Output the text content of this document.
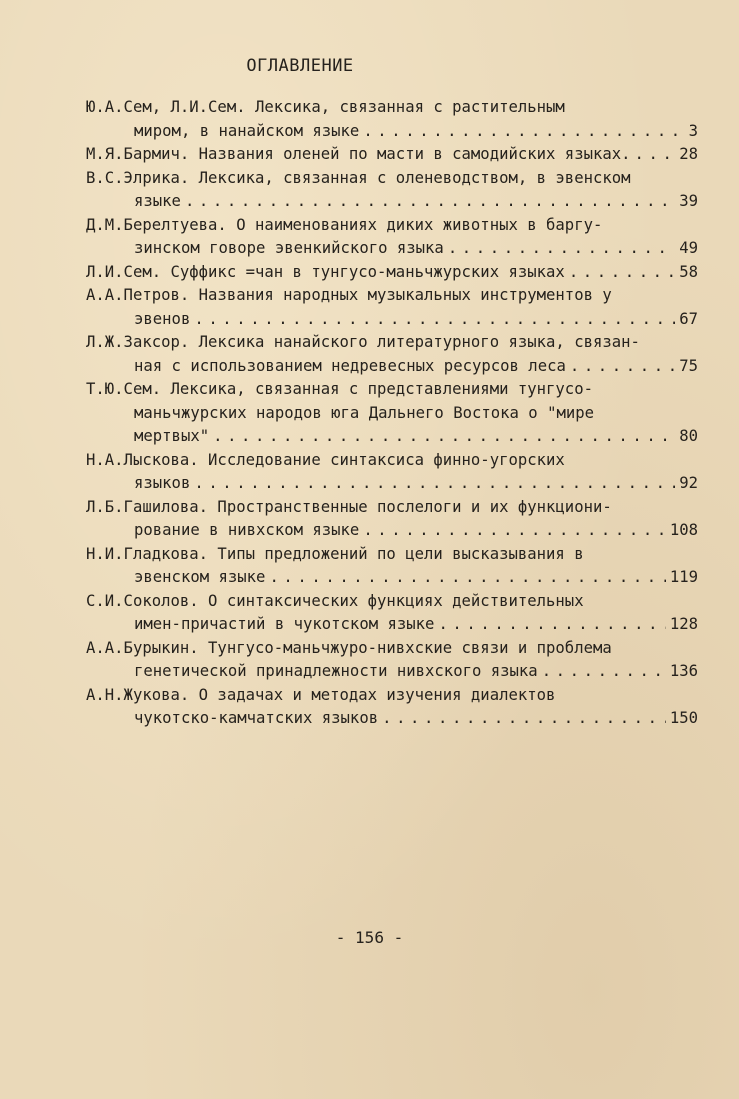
ОГЛАВЛЕНИЕ
Ю.А.Сем, Л.И.Сем. Лексика, связанная с растительным
миром, в нанайском языке . . .	3
М.Я.Бармич. Названия оленей по масти в самодийских языках. . . .	28
В.С.Элрика. Лексика, связанная с оленеводством, в эвенском
языке . . .	39
Д.М.Берелтуева. О наименованиях диких животных в баргу-
зинском говоре эвенкийского языка . . .	49
Л.И.Сем. Суффикс =чан в тунгусо-маньчжурских языках . . .	58
А.А.Петров. Названия народных музыкальных инструментов у
эвенов . . .	67
Л.Ж.Заксор. Лексика нанайского литературного языка, связан-
ная с использованием недревесных ресурсов леса . . .	75
Т.Ю.Сем. Лексика, связанная с представлениями тунгусо-
маньчжурских народов юга Дальнего Востока о "мире
мертвых" . . .	80
Н.А.Лыскова. Исследование синтаксиса финно-угорских
языков . . .	92
Л.Б.Гашилова. Пространственные послелоги и их функциони-
рование в нивхском языке . . .	108
Н.И.Гладкова. Типы предложений по цели высказывания в
эвенском языке . . .	119
С.И.Соколов. О синтаксических функциях действительных
имен-причастий в чукотском языке . . .	128
А.А.Бурыкин. Тунгусо-маньчжуро-нивхские связи и проблема
генетической принадлежности нивхского языка . . .	136
А.Н.Жукова. О задачах и методах изучения диалектов
чукотско-камчатских языков . . .	150
- 156 -
